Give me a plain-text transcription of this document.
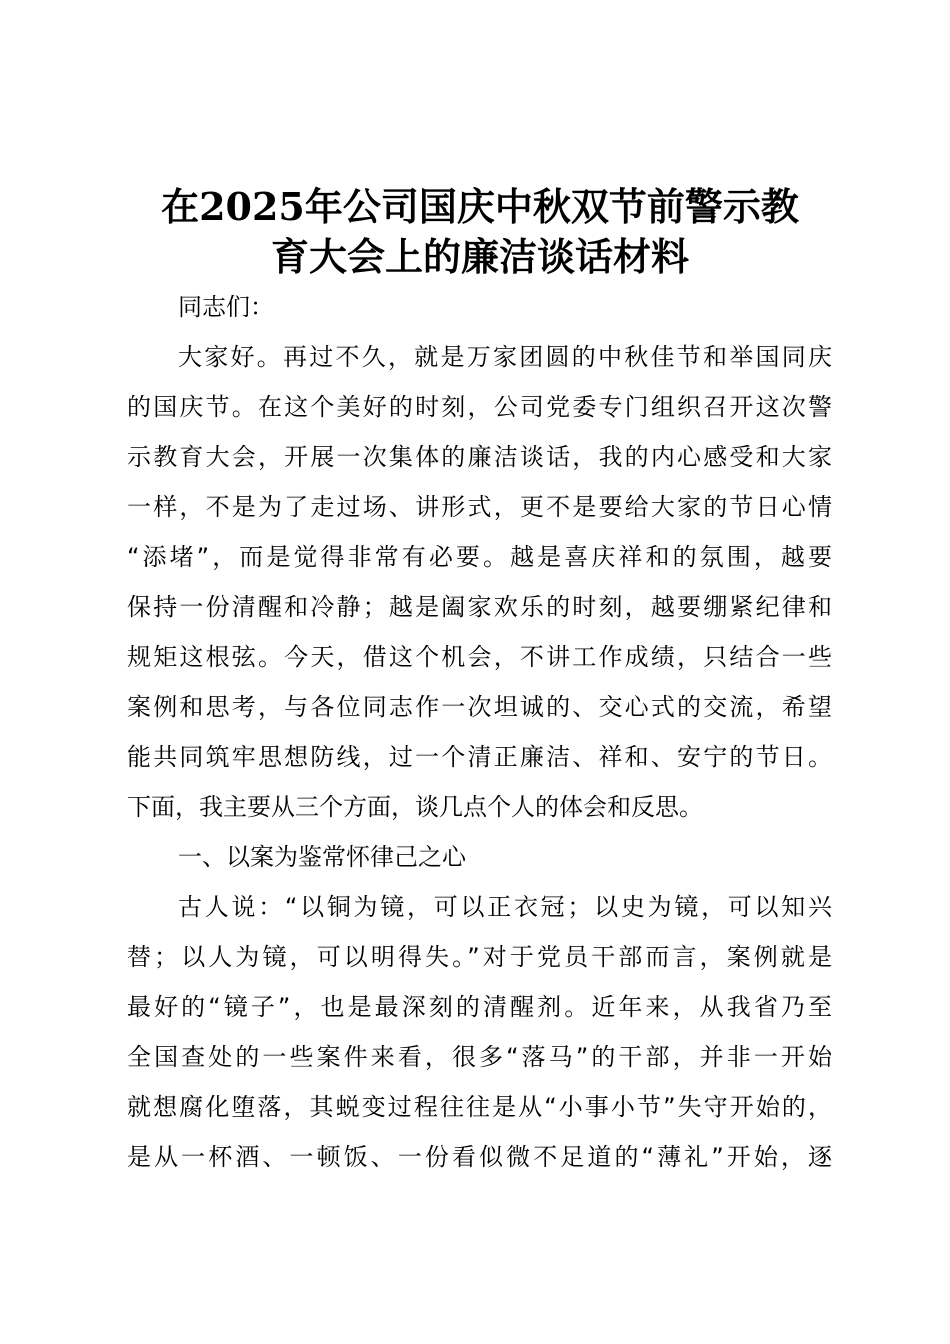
在2025年公司国庆中秋双节前警示教
育大会上的廉洁谈话材料
同志们：
大家好。再过不久，就是万家团圆的中秋佳节和举国同庆
的国庆节。在这个美好的时刻，公司党委专门组织召开这次警
示教育大会，开展一次集体的廉洁谈话，我的内心感受和大家
一样，不是为了走过场、讲形式，更不是要给大家的节日心情
“添堵”，而是觉得非常有必要。越是喜庆祥和的氛围，越要
保持一份清醒和冷静；越是阖家欢乐的时刻，越要绷紧纪律和
规矩这根弦。今天，借这个机会，不讲工作成绩，只结合一些
案例和思考，与各位同志作一次坦诚的、交心式的交流，希望
能共同筑牢思想防线，过一个清正廉洁、祥和、安宁的节日。
下面，我主要从三个方面，谈几点个人的体会和反思。
一、以案为鉴常怀律己之心
古人说：“以铜为镜，可以正衣冠；以史为镜，可以知兴
替；以人为镜，可以明得失。”对于党员干部而言，案例就是
最好的“镜子”，也是最深刻的清醒剂。近年来，从我省乃至
全国查处的一些案件来看，很多“落马”的干部，并非一开始
就想腐化堕落，其蜕变过程往往是从“小事小节”失守开始的，
是从一杯酒、一顿饭、一份看似微不足道的“薄礼”开始，逐
